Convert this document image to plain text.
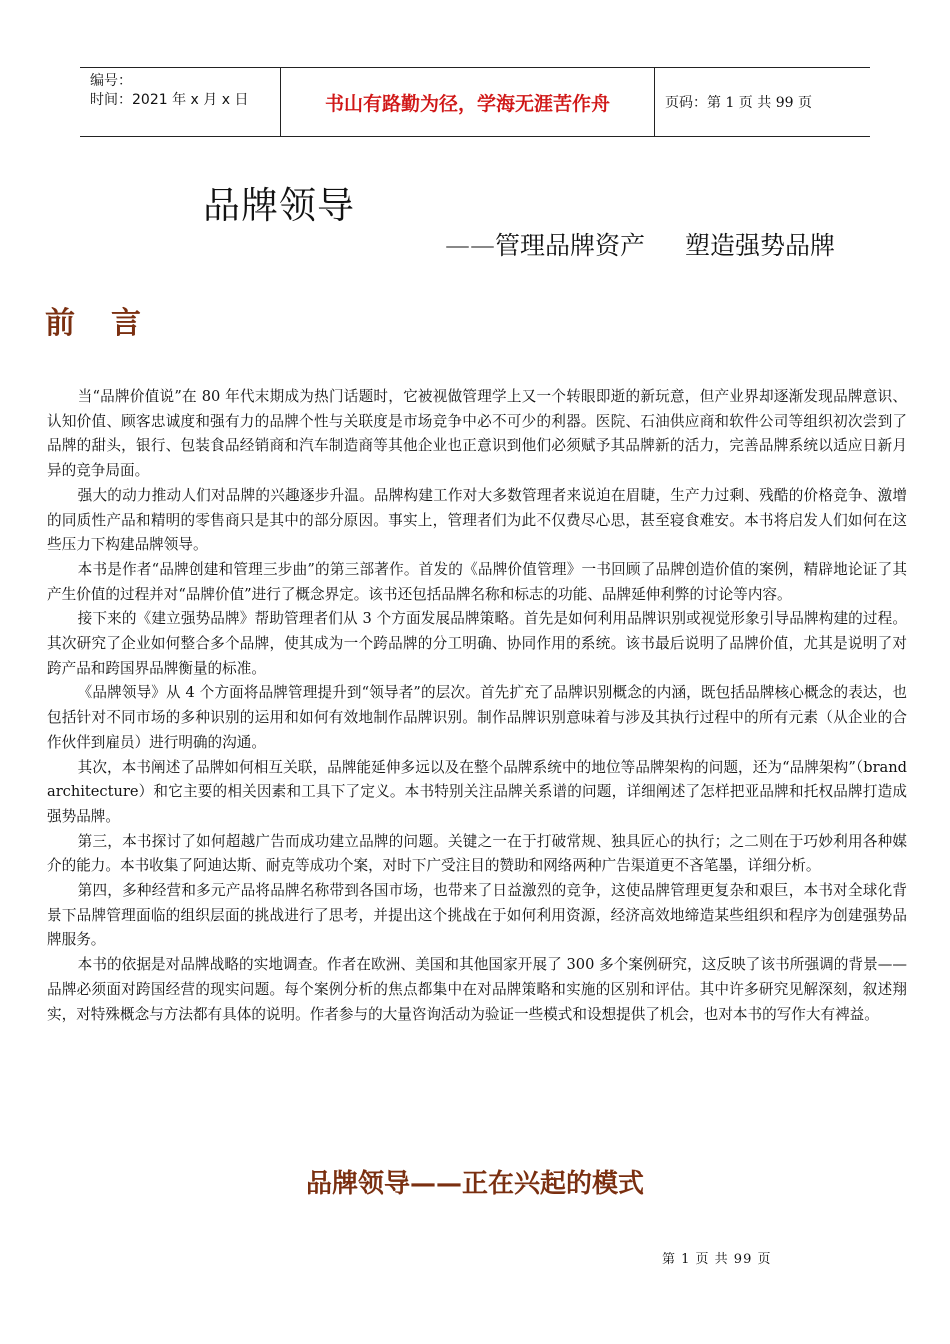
编号：
时间：2021 年 x 月 x 日	书山有路勤为径，学海无涯苦作舟	页码：第 1 页 共 99 页
品牌领导
——管理品牌资产 塑造强势品牌
前 言

当“品牌价值说”在 80 年代末期成为热门话题时，它被视做管理学上又一个转眼即逝的新玩意，但产业界却逐渐发现品牌意识、认知价值、顾客忠诚度和强有力的品牌个性与关联度是市场竞争中必不可少的利器。医院、石油供应商和软件公司等组织初次尝到了品牌的甜头，银行、包装食品经销商和汽车制造商等其他企业也正意识到他们必须赋予其品牌新的活力，完善品牌系统以适应日新月异的竞争局面。

强大的动力推动人们对品牌的兴趣逐步升温。品牌构建工作对大多数管理者来说迫在眉睫，生产力过剩、残酷的价格竞争、激增的同质性产品和精明的零售商只是其中的部分原因。事实上，管理者们为此不仅费尽心思，甚至寝食难安。本书将启发人们如何在这些压力下构建品牌领导。

本书是作者“品牌创建和管理三步曲”的第三部著作。首发的《品牌价值管理》一书回顾了品牌创造价值的案例，精辟地论证了其产生价值的过程并对“品牌价值”进行了概念界定。该书还包括品牌名称和标志的功能、品牌延伸利弊的讨论等内容。

接下来的《建立强势品牌》帮助管理者们从 3 个方面发展品牌策略。首先是如何利用品牌识别或视觉形象引导品牌构建的过程。其次研究了企业如何整合多个品牌，使其成为一个跨品牌的分工明确、协同作用的系统。该书最后说明了品牌价值，尤其是说明了对跨产品和跨国界品牌衡量的标准。

《品牌领导》从 4 个方面将品牌管理提升到“领导者”的层次。首先扩充了品牌识别概念的内涵，既包括品牌核心概念的表达，也包括针对不同市场的多种识别的运用和如何有效地制作品牌识别。制作品牌识别意味着与涉及其执行过程中的所有元素（从企业的合作伙伴到雇员）进行明确的沟通。

其次，本书阐述了品牌如何相互关联，品牌能延伸多远以及在整个品牌系统中的地位等品牌架构的问题，还为“品牌架构”（brand architecture）和它主要的相关因素和工具下了定义。本书特别关注品牌关系谱的问题，详细阐述了怎样把亚品牌和托权品牌打造成强势品牌。

第三，本书探讨了如何超越广告而成功建立品牌的问题。关键之一在于打破常规、独具匠心的执行；之二则在于巧妙利用各种媒介的能力。本书收集了阿迪达斯、耐克等成功个案，对时下广受注目的赞助和网络两种广告渠道更不吝笔墨，详细分析。

第四，多种经营和多元产品将品牌名称带到各国市场，也带来了日益激烈的竞争，这使品牌管理更复杂和艰巨，本书对全球化背景下品牌管理面临的组织层面的挑战进行了思考，并提出这个挑战在于如何利用资源，经济高效地缔造某些组织和程序为创建强势品牌服务。

本书的依据是对品牌战略的实地调查。作者在欧洲、美国和其他国家开展了 300 多个案例研究，这反映了该书所强调的背景——品牌必须面对跨国经营的现实问题。每个案例分析的焦点都集中在对品牌策略和实施的区别和评估。其中许多研究见解深刻，叙述翔实，对特殊概念与方法都有具体的说明。作者参与的大量咨询活动为验证一些模式和设想提供了机会，也对本书的写作大有裨益。

品牌领导——正在兴起的模式
第 1 页 共 99 页
